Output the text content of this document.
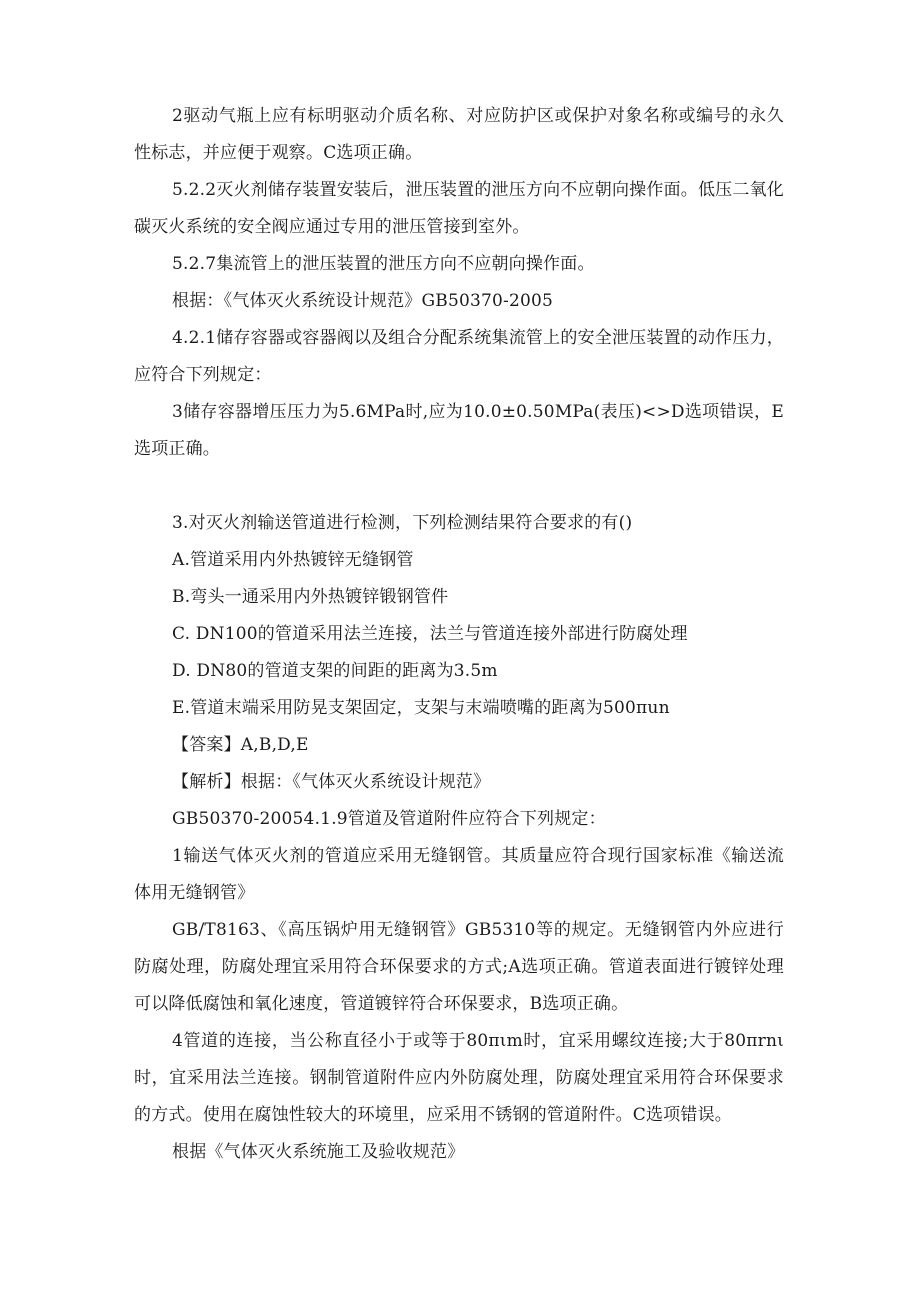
2驱动气瓶上应有标明驱动介质名称、对应防护区或保护对象名称或编号的永久性标志，并应便于观察。C选项正确。

5.2.2灭火剂储存装置安装后，泄压装置的泄压方向不应朝向操作面。低压二氧化碳灭火系统的安全阀应通过专用的泄压管接到室外。

5.2.7集流管上的泄压装置的泄压方向不应朝向操作面。

根据：《气体灭火系统设计规范》GB50370-2005

4.2.1储存容器或容器阀以及组合分配系统集流管上的安全泄压装置的动作压力，应符合下列规定：

3储存容器增压压力为5.6MPa时,应为10.0±0.50MPa(表压)<>D选项错误，E选项正确。

3.对灭火剂输送管道进行检测，下列检测结果符合要求的有()

A.管道采用内外热镀锌无缝钢管

B.弯头一通采用内外热镀锌锻钢管件

C. DN100的管道采用法兰连接，法兰与管道连接外部进行防腐处理

D. DN80的管道支架的间距的距离为3.5m

E.管道末端采用防晃支架固定，支架与末端喷嘴的距离为500πun

【答案】A,B,D,E

【解析】根据：《气体灭火系统设计规范》

GB50370-20054.1.9管道及管道附件应符合下列规定：

1输送气体灭火剂的管道应采用无缝钢管。其质量应符合现行国家标准《输送流体用无缝钢管》

GB/T8163、《高压锅炉用无缝钢管》GB5310等的规定。无缝钢管内外应进行防腐处理，防腐处理宜采用符合环保要求的方式;A选项正确。管道表面进行镀锌处理可以降低腐蚀和氧化速度，管道镀锌符合环保要求，B选项正确。

4管道的连接，当公称直径小于或等于80πιm时，宜采用螺纹连接;大于80πrnι时，宜采用法兰连接。钢制管道附件应内外防腐处理，防腐处理宜采用符合环保要求的方式。使用在腐蚀性较大的环境里，应采用不锈钢的管道附件。C选项错误。

根据《气体灭火系统施工及验收规范》
